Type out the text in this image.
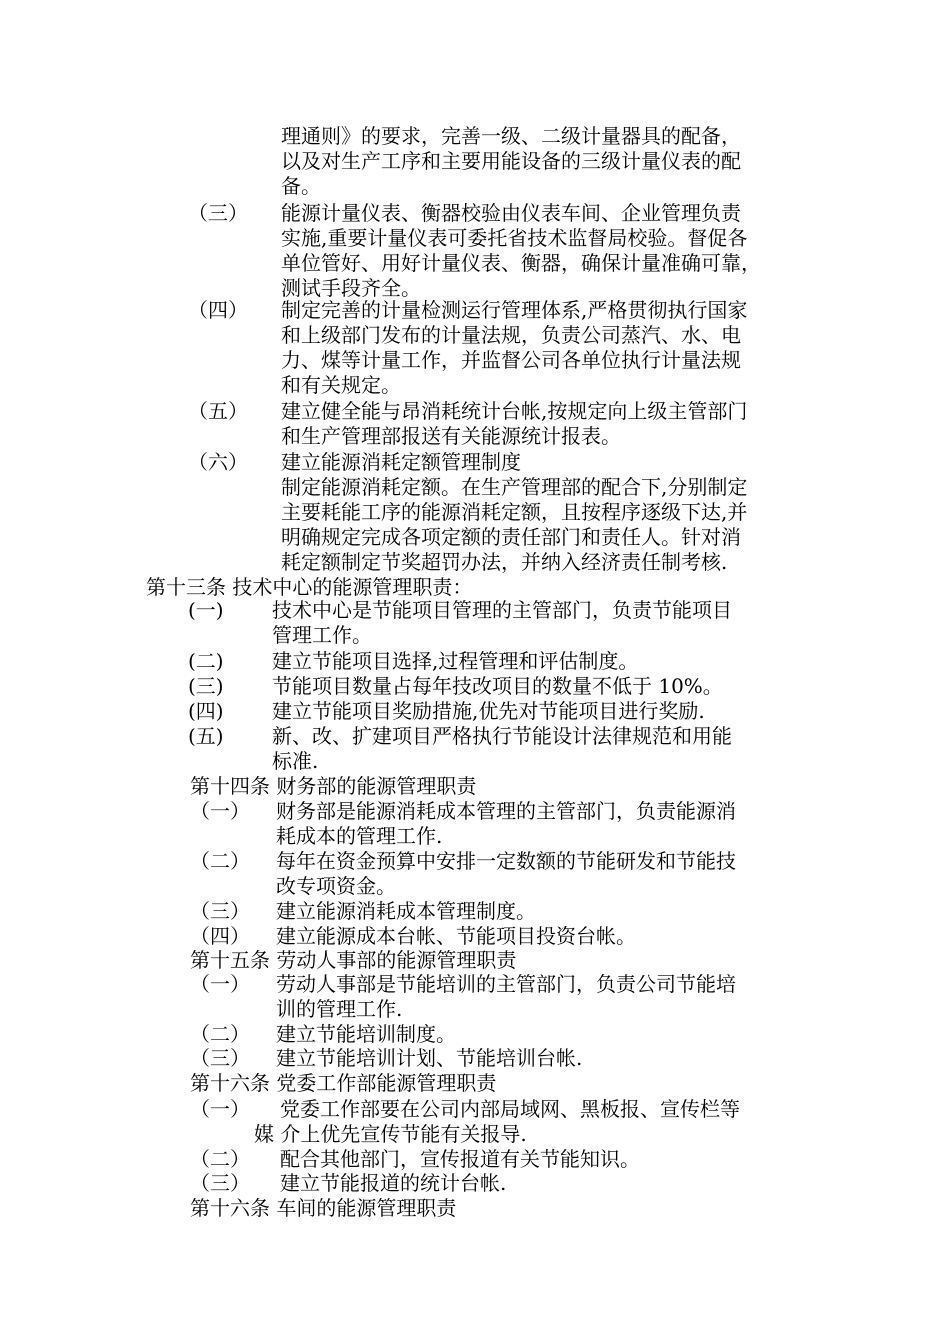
理通则》的要求，完善一级、二级计量器具的配备，
以及对生产工序和主要用能设备的三级计量仪表的配
备。
（三） 能源计量仪表、衡器校验由仪表车间、企业管理负责
实施,重要计量仪表可委托省技术监督局校验。督促各
单位管好、用好计量仪表、衡器，确保计量准确可靠，
测试手段齐全。
（四） 制定完善的计量检测运行管理体系,严格贯彻执行国家
和上级部门发布的计量法规，负责公司蒸汽、水、电
力、煤等计量工作，并监督公司各单位执行计量法规
和有关规定。
（五） 建立健全能与昂消耗统计台帐,按规定向上级主管部门
和生产管理部报送有关能源统计报表。
（六） 建立能源消耗定额管理制度
制定能源消耗定额。在生产管理部的配合下,分别制定
主要耗能工序的能源消耗定额，且按程序逐级下达,并
明确规定完成各项定额的责任部门和责任人。针对消
耗定额制定节奖超罚办法，并纳入经济责任制考核.
第十三条 技术中心的能源管理职责：
(一) 技术中心是节能项目管理的主管部门，负责节能项目
管理工作。
(二) 建立节能项目选择,过程管理和评估制度。
(三) 节能项目数量占每年技改项目的数量不低于 10%。
(四) 建立节能项目奖励措施,优先对节能项目进行奖励.
(五) 新、改、扩建项目严格执行节能设计法律规范和用能
标准.
第十四条 财务部的能源管理职责
（一） 财务部是能源消耗成本管理的主管部门，负责能源消
耗成本的管理工作.
（二） 每年在资金预算中安排一定数额的节能研发和节能技
改专项资金。
（三） 建立能源消耗成本管理制度。
（四） 建立能源成本台帐、节能项目投资台帐。
第十五条 劳动人事部的能源管理职责
（一） 劳动人事部是节能培训的主管部门，负责公司节能培
训的管理工作.
（二） 建立节能培训制度。
（三） 建立节能培训计划、节能培训台帐.
第十六条 党委工作部能源管理职责
（一） 党委工作部要在公司内部局域网、黑板报、宣传栏等
媒 介上优先宣传节能有关报导.
（二） 配合其他部门，宣传报道有关节能知识。
（三） 建立节能报道的统计台帐.
第十六条 车间的能源管理职责
